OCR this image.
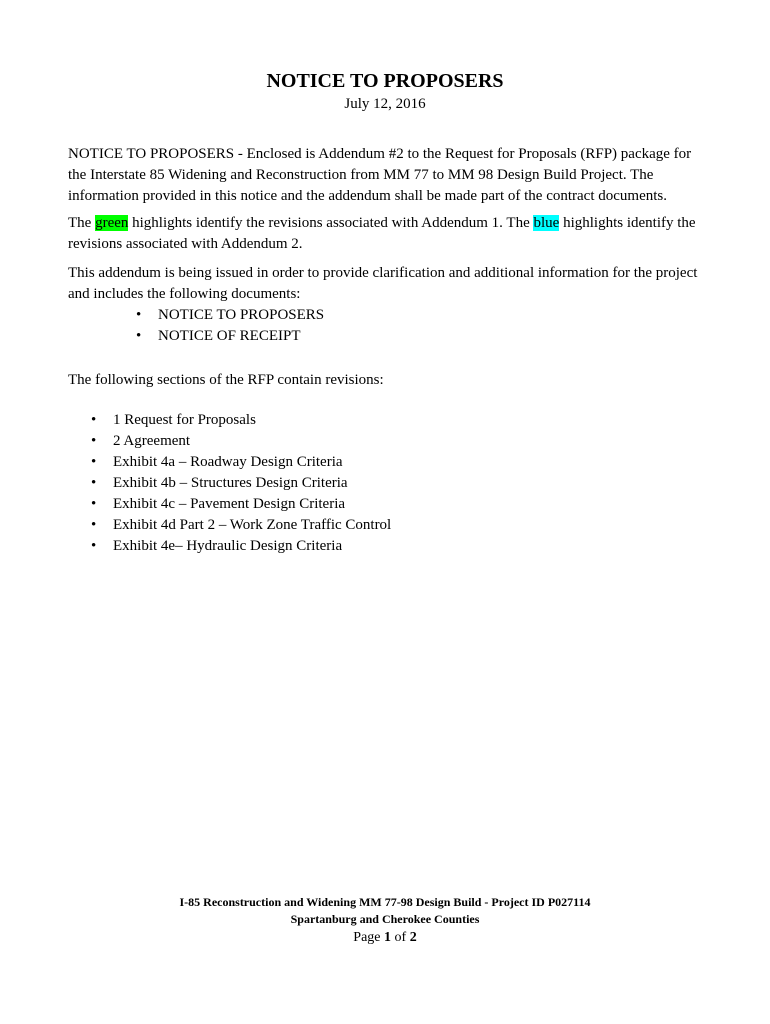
NOTICE TO PROPOSERS

July 12, 2016

NOTICE TO PROPOSERS - Enclosed is Addendum #2 to the Request for Proposals (RFP) package for the Interstate 85 Widening and Reconstruction from MM 77 to MM 98 Design Build Project. The information provided in this notice and the addendum shall be made part of the contract documents.

The green highlights identify the revisions associated with Addendum 1. The blue highlights identify the revisions associated with Addendum 2.

This addendum is being issued in order to provide clarification and additional information for the project and includes the following documents:

• NOTICE TO PROPOSERS
• NOTICE OF RECEIPT

The following sections of the RFP contain revisions:

• 1 Request for Proposals
• 2 Agreement
• Exhibit 4a – Roadway Design Criteria
• Exhibit 4b – Structures Design Criteria
• Exhibit 4c – Pavement Design Criteria
• Exhibit 4d Part 2 – Work Zone Traffic Control
• Exhibit 4e– Hydraulic Design Criteria
I-85 Reconstruction and Widening MM 77-98 Design Build - Project ID P027114
Spartanburg and Cherokee Counties
Page 1 of 2
